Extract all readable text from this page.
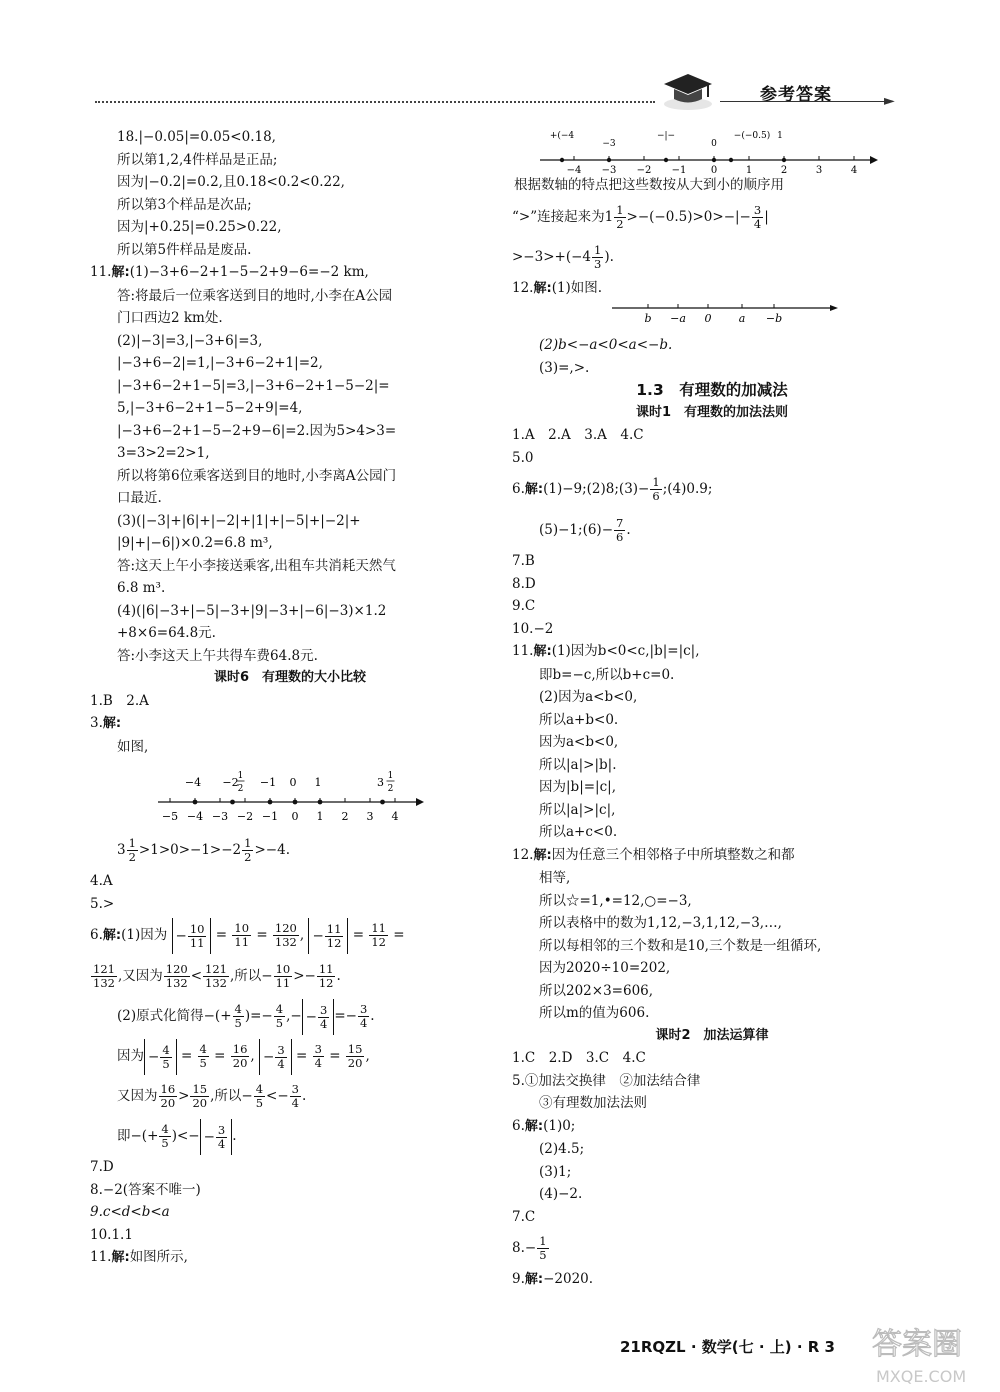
参考答案	►
18.|−0.05|=0.05<0.18,
所以第1,2,4件样品是正品;
因为|−0.2|=0.2,且0.18<0.2<0.22,
所以第3个样品是次品;
因为|+0.25|=0.25>0.22,
所以第5件样品是废品.
11.解:(1)−3+6−2+1−5−2+9−6=−2 km,
答:将最后一位乘客送到目的地时,小李在A公园
门口西边2 km处.
(2)|−3|=3,|−3+6|=3,
|−3+6−2|=1,|−3+6−2+1|=2,
|−3+6−2+1−5|=3,|−3+6−2+1−5−2|=
5,|−3+6−2+1−5−2+9|=4,
|−3+6−2+1−5−2+9−6|=2.因为5>4>3=
3=3>2=2>1,
所以将第6位乘客送到目的地时,小李离A公园门
口最近.
(3)(|−3|+|6|+|−2|+|1|+|−5|+|−2|+
|9|+|−6|)×0.2=6.8 m³,
答:这天上午小李接送乘客,出租车共消耗天然气
6.8 m³.
(4)(|6|−3+|−5|−3+|9|−3+|−6|−3)×1.2
+8×6=64.8元.
答:小李这天上午共得车费64.8元.
课时6　有理数的大小比较
1.B　2.A
3.解:
如图,
−5 −4 −3 −2 −1 0 1 2 3 4
−4 −2 −1 0 1	3
1
2
1
2
$3 \frac{1}{2} >1>0>-1>-2 \frac{1}{2} >-4$.
4.A
5.>
6.解:(1)因为 − $\frac{10}{11} = \frac{10}{11} = \frac{120}{132}$ , − $\frac{11}{12} = \frac{11}{12}$ =
$\frac{121}{132}$ ,又因为 $\frac{120}{132} < \frac{121}{132}$ ,所以− $\frac{10}{11} >- \frac{11}{12}$ .
(2)原式化简得−(+ $\frac{4}{5}$ )=− $\frac{4}{5}$ ,− − $\frac{3}{4} =- \frac{3}{4}$ .
因为 − $\frac{4}{5} = \frac{4}{5} = \frac{16}{20}$ , − $\frac{3}{4} = \frac{3}{4} = \frac{15}{20}$ ,
又因为 $\frac{16}{20} > \frac{15}{20}$ ,所以− $\frac{4}{5} <- \frac{3}{4}$ .
即−(+ $\frac{4}{5}$ )<− − $\frac{3}{4}$ .
7.D
8.−2(答案不唯一)
9.c<d<b<a
10.1.1
11.解:如图所示,
−4 −3 −2 −1 0	1	2	3	4
+(−4
−3
−|−
0
−(−0.5) 1
根据数轴的特点把这些数按从大到小的顺序用
“>”连接起来为$1 \frac{1}{2} >-(-0.5)>0>-|- \frac{3}{4}$ |
$>-3>+(-4 \frac{1}{3}$ ).
12.解:(1)如图.
b −a 0 a −b
(2)b<−a<0<a<−b.
(3)=,>.
1.3　有理数的加减法
课时1　有理数的加法法则
1.A　2.A　3.A　4.C
5.0
6.解:(1)−9;(2)8;(3)− $\frac{1}{6}$ ;(4)0.9;
(5)−1;(6)− $\frac{7}{6}$ .
7.B
8.D
9.C
10.−2
11.解:(1)因为b<0<c,|b|=|c|,
即b=−c,所以b+c=0.
(2)因为a<b<0,
所以a+b<0.
因为a<b<0,
所以|a|>|b|.
因为|b|=|c|,
所以|a|>|c|,
所以a+c<0.
12.解:因为任意三个相邻格子中所填整数之和都
相等,
所以☆=1,•=12,○=−3,
所以表格中的数为1,12,−3,1,12,−3,…,
所以每相邻的三个数和是10,三个数是一组循环,
因为2020÷10=202,
所以202×3=606,
所以m的值为606.
课时2　加法运算律
1.C　2.D　3.C　4.C
5.①加法交换律　②加法结合律
③有理数加法法则
6.解:(1)0;
(2)4.5;
(3)1;
(4)−2.
7.C
$8.- \frac{1}{5}$
9.解:−2020.
21RQZL · 数学(七 · 上) · R 3 答案圈
MXQE.COM
